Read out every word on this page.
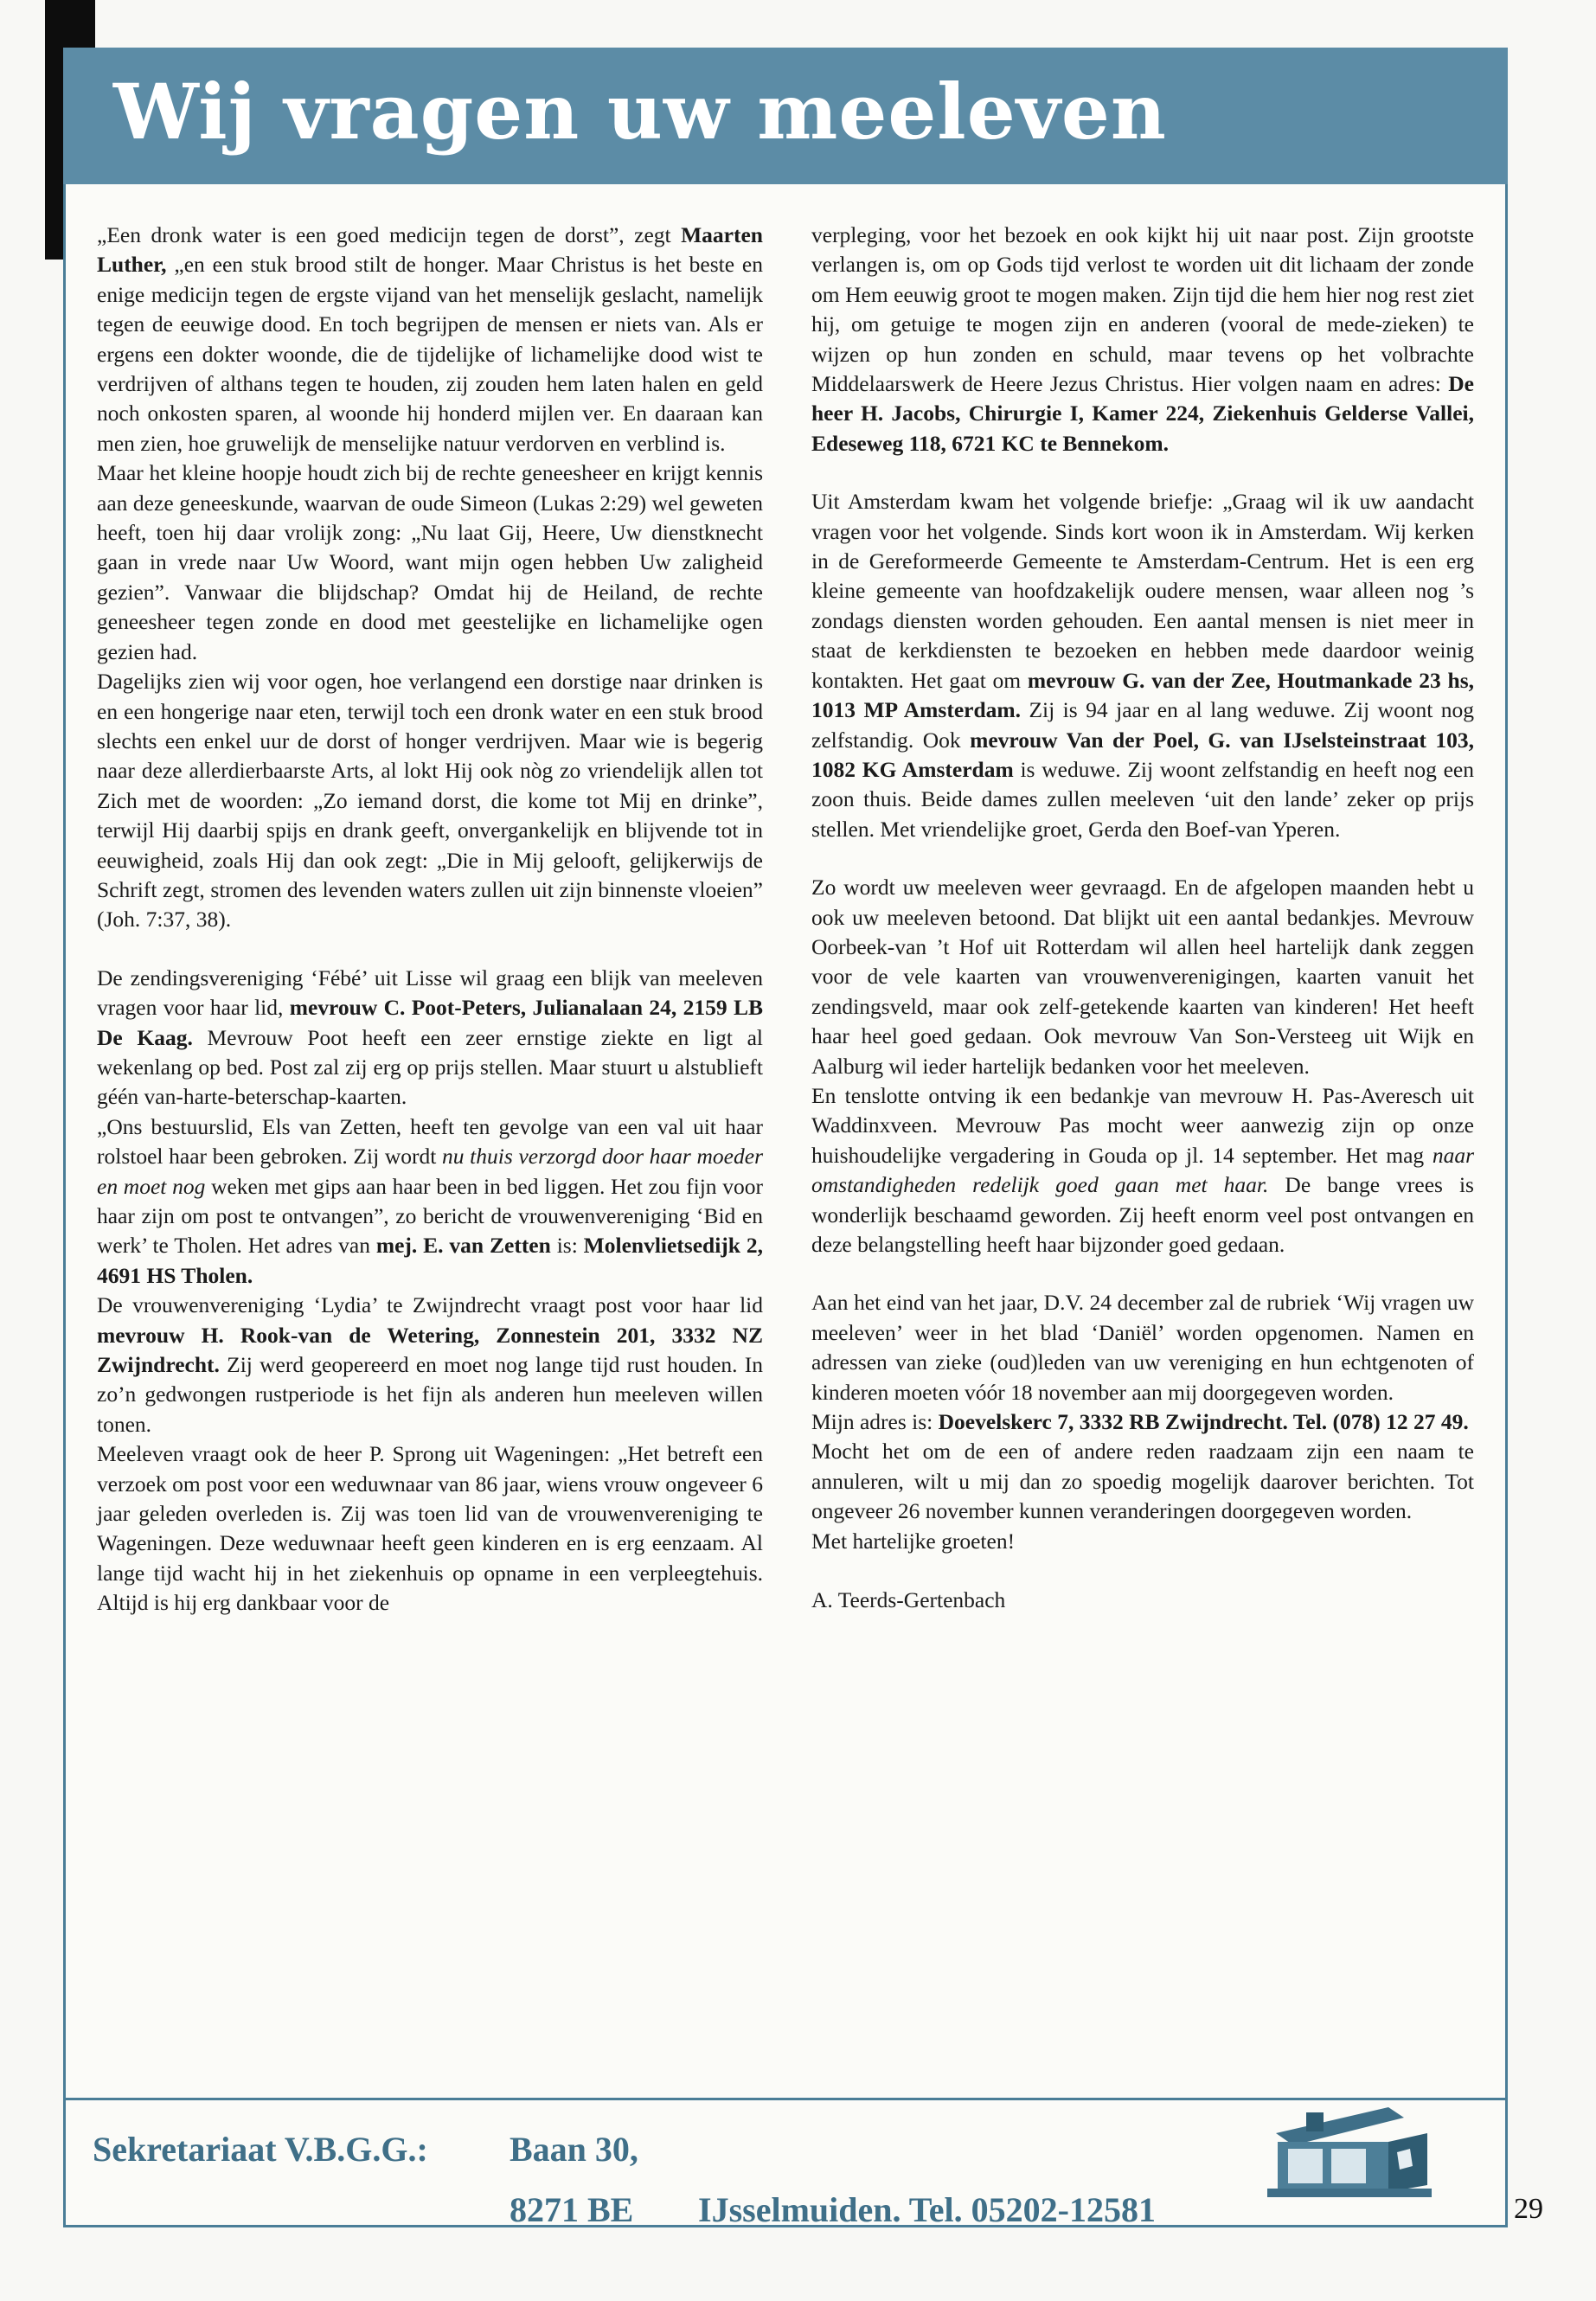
Wij vragen uw meeleven

„Een dronk water is een goed medicijn tegen de dorst”, zegt Maarten Luther, „en een stuk brood stilt de honger. Maar Christus is het beste en enige medicijn tegen de ergste vijand van het menselijk geslacht, namelijk tegen de eeuwige dood. En toch begrijpen de mensen er niets van. Als er ergens een dokter woonde, die de tijdelijke of lichamelijke dood wist te verdrijven of althans tegen te houden, zij zouden hem laten halen en geld noch onkosten sparen, al woonde hij honderd mijlen ver. En daaraan kan men zien, hoe gruwelijk de menselijke natuur verdorven en verblind is.

Maar het kleine hoopje houdt zich bij de rechte geneesheer en krijgt kennis aan deze geneeskunde, waarvan de oude Simeon (Lukas 2:29) wel geweten heeft, toen hij daar vrolijk zong: „Nu laat Gij, Heere, Uw dienstknecht gaan in vrede naar Uw Woord, want mijn ogen hebben Uw zaligheid gezien”. Vanwaar die blijdschap? Omdat hij de Heiland, de rechte geneesheer tegen zonde en dood met geestelijke en lichamelijke ogen gezien had.

Dagelijks zien wij voor ogen, hoe verlangend een dorstige naar drinken is en een hongerige naar eten, terwijl toch een dronk water en een stuk brood slechts een enkel uur de dorst of honger verdrijven. Maar wie is begerig naar deze allerdierbaarste Arts, al lokt Hij ook nòg zo vriendelijk allen tot Zich met de woorden: „Zo iemand dorst, die kome tot Mij en drinke”, terwijl Hij daarbij spijs en drank geeft, onvergankelijk en blijvende tot in eeuwigheid, zoals Hij dan ook zegt: „Die in Mij gelooft, gelijkerwijs de Schrift zegt, stromen des levenden waters zullen uit zijn binnenste vloeien” (Joh. 7:37, 38).

De zendingsvereniging ‘Fébé’ uit Lisse wil graag een blijk van meeleven vragen voor haar lid, mevrouw C. Poot-Peters, Julianalaan 24, 2159 LB De Kaag. Mevrouw Poot heeft een zeer ernstige ziekte en ligt al wekenlang op bed. Post zal zij erg op prijs stellen. Maar stuurt u alstublieft géén van-harte-beterschap-kaarten.

„Ons bestuurslid, Els van Zetten, heeft ten gevolge van een val uit haar rolstoel haar been gebroken. Zij wordt nu thuis verzorgd door haar moeder en moet nog weken met gips aan haar been in bed liggen. Het zou fijn voor haar zijn om post te ontvangen”, zo bericht de vrouwenvereniging ‘Bid en werk’ te Tholen. Het adres van mej. E. van Zetten is: Molenvlietsedijk 2, 4691 HS Tholen.

De vrouwenvereniging ‘Lydia’ te Zwijndrecht vraagt post voor haar lid mevrouw H. Rook-van de Wetering, Zonnestein 201, 3332 NZ Zwijndrecht. Zij werd geopereerd en moet nog lange tijd rust houden. In zo’n gedwongen rustperiode is het fijn als anderen hun meeleven willen tonen.

Meeleven vraagt ook de heer P. Sprong uit Wageningen: „Het betreft een verzoek om post voor een weduwnaar van 86 jaar, wiens vrouw ongeveer 6 jaar geleden overleden is. Zij was toen lid van de vrouwenvereniging te Wageningen. Deze weduwnaar heeft geen kinderen en is erg eenzaam. Al lange tijd wacht hij in het ziekenhuis op opname in een verpleegtehuis. Altijd is hij erg dankbaar voor de

verpleging, voor het bezoek en ook kijkt hij uit naar post. Zijn grootste verlangen is, om op Gods tijd verlost te worden uit dit lichaam der zonde om Hem eeuwig groot te mogen maken. Zijn tijd die hem hier nog rest ziet hij, om getuige te mogen zijn en anderen (vooral de mede-zieken) te wijzen op hun zonden en schuld, maar tevens op het volbrachte Middelaarswerk de Heere Jezus Christus. Hier volgen naam en adres: De heer H. Jacobs, Chirurgie I, Kamer 224, Ziekenhuis Gelderse Vallei, Edeseweg 118, 6721 KC te Bennekom.

Uit Amsterdam kwam het volgende briefje: „Graag wil ik uw aandacht vragen voor het volgende. Sinds kort woon ik in Amsterdam. Wij kerken in de Gereformeerde Gemeente te Amsterdam-Centrum. Het is een erg kleine gemeente van hoofdzakelijk oudere mensen, waar alleen nog ’s zondags diensten worden gehouden. Een aantal mensen is niet meer in staat de kerkdiensten te bezoeken en hebben mede daardoor weinig kontakten. Het gaat om mevrouw G. van der Zee, Houtmankade 23 hs, 1013 MP Amsterdam. Zij is 94 jaar en al lang weduwe. Zij woont nog zelfstandig. Ook mevrouw Van der Poel, G. van IJselsteinstraat 103, 1082 KG Amsterdam is weduwe. Zij woont zelfstandig en heeft nog een zoon thuis. Beide dames zullen meeleven ‘uit den lande’ zeker op prijs stellen. Met vriendelijke groet, Gerda den Boef-van Yperen.

Zo wordt uw meeleven weer gevraagd. En de afgelopen maanden hebt u ook uw meeleven betoond. Dat blijkt uit een aantal bedankjes. Mevrouw Oorbeek-van ’t Hof uit Rotterdam wil allen heel hartelijk dank zeggen voor de vele kaarten van vrouwenverenigingen, kaarten vanuit het zendingsveld, maar ook zelf-getekende kaarten van kinderen! Het heeft haar heel goed gedaan. Ook mevrouw Van Son-Versteeg uit Wijk en Aalburg wil ieder hartelijk bedanken voor het meeleven.

En tenslotte ontving ik een bedankje van mevrouw H. Pas-Averesch uit Waddinxveen. Mevrouw Pas mocht weer aanwezig zijn op onze huishoudelijke vergadering in Gouda op jl. 14 september. Het mag naar omstandigheden redelijk goed gaan met haar. De bange vrees is wonderlijk beschaamd geworden. Zij heeft enorm veel post ontvangen en deze belangstelling heeft haar bijzonder goed gedaan.

Aan het eind van het jaar, D.V. 24 december zal de rubriek ‘Wij vragen uw meeleven’ weer in het blad ‘Daniël’ worden opgenomen. Namen en adressen van zieke (oud)leden van uw vereniging en hun echtgenoten of kinderen moeten vóór 18 november aan mij doorgegeven worden.

Mijn adres is: Doevelskerc 7, 3332 RB Zwijndrecht. Tel. (078) 12 27 49.

Mocht het om de een of andere reden raadzaam zijn een naam te annuleren, wilt u mij dan zo spoedig mogelijk daarover berichten. Tot ongeveer 26 november kunnen veranderingen doorgegeven worden.

Met hartelijke groeten!

A. Teerds-Gertenbach

Sekretariaat V.B.G.G.: Baan 30,
8271 BE IJsselmuiden. Tel. 05202-12581	29
